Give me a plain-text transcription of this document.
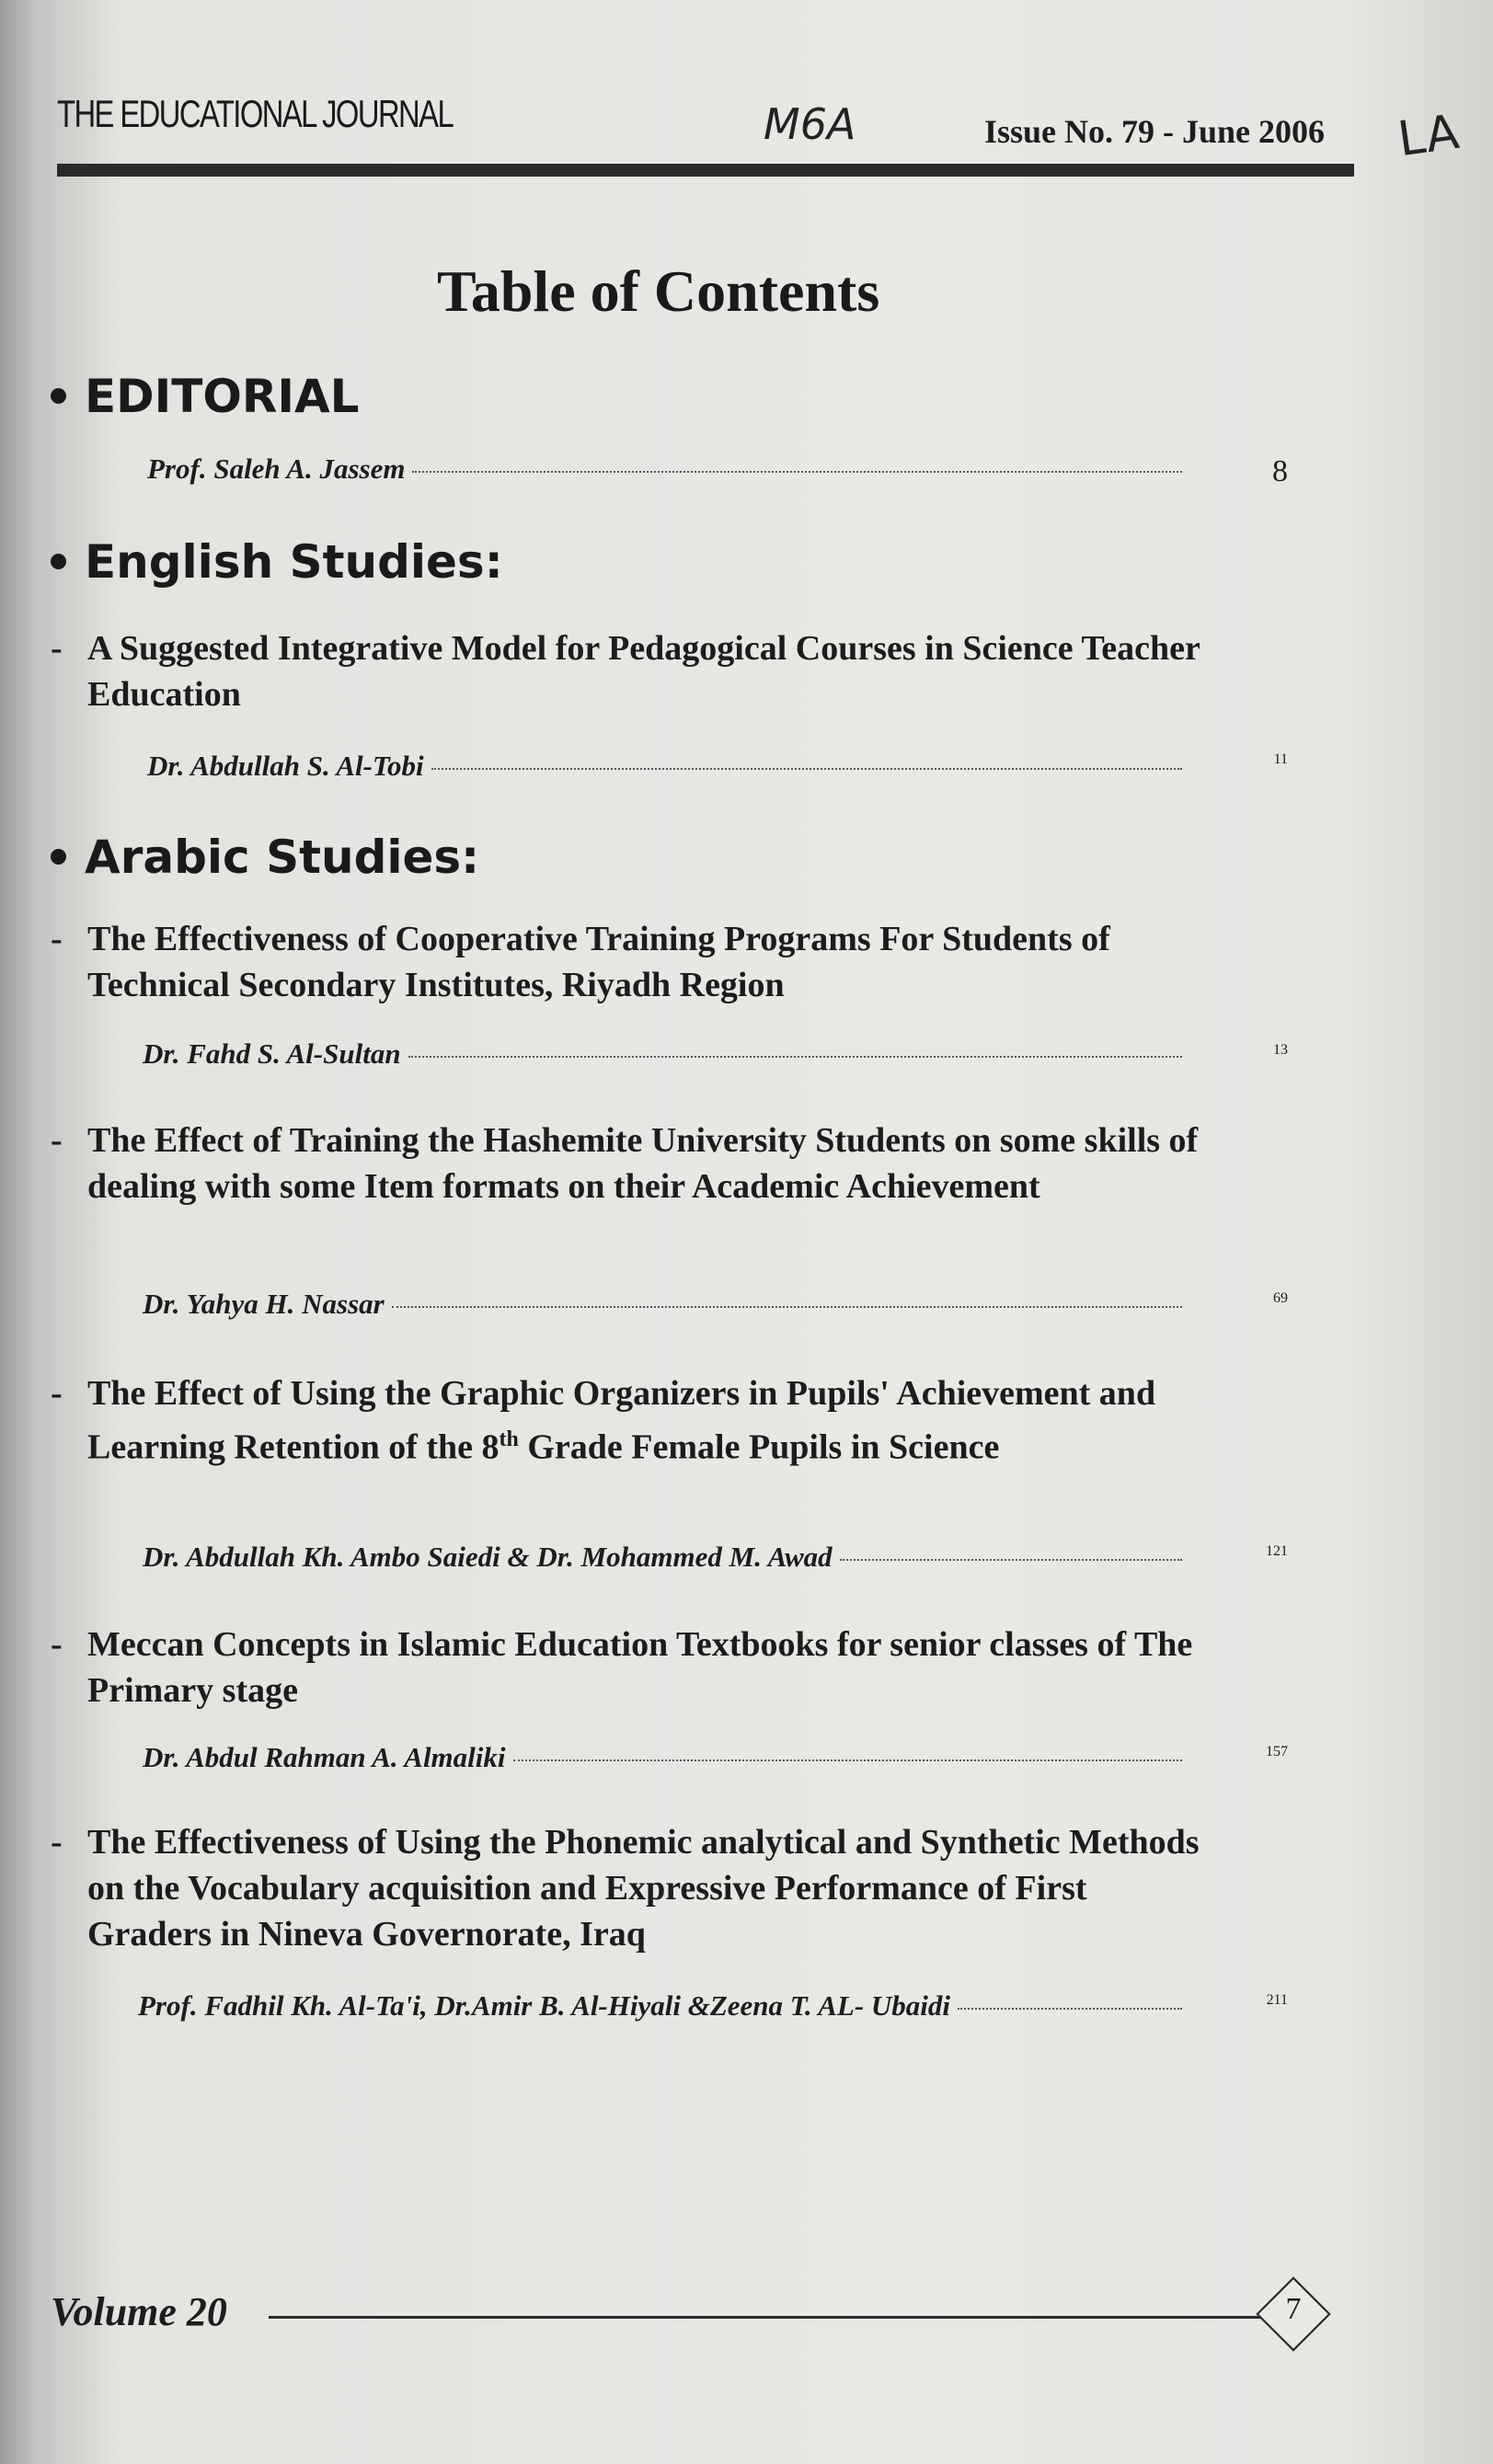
THE EDUCATIONAL JOURNAL	M6A	Issue No. 79 - June 2006 LA
Table of Contents
EDITORIAL
Prof. Saleh A. Jassem	8
English Studies:
- A Suggested Integrative Model for Pedagogical Courses in Science Teacher Education
Dr. Abdullah S. Al-Tobi	11
Arabic Studies:
- The Effectiveness of Cooperative Training Programs For Students of Technical Secondary Institutes, Riyadh Region
Dr. Fahd S. Al-Sultan	13
- The Effect of Training the Hashemite University Students on some skills of dealing with some Item formats on their Academic Achievement
Dr. Yahya H. Nassar	69
- The Effect of Using the Graphic Organizers in Pupils' Achievement and Learning Retention of the 8th Grade Female Pupils in Science
Dr. Abdullah Kh. Ambo Saiedi & Dr. Mohammed M. Awad	121
- Meccan Concepts in Islamic Education Textbooks for senior classes of The Primary stage
Dr. Abdul Rahman A. Almaliki	157
- The Effectiveness of Using the Phonemic analytical and Synthetic Methods on the Vocabulary acquisition and Expressive Performance of First Graders in Nineva Governorate, Iraq
Prof. Fadhil Kh. Al-Ta'i, Dr.Amir B. Al-Hiyali &Zeena T. AL- Ubaidi	211
Volume 20	7
